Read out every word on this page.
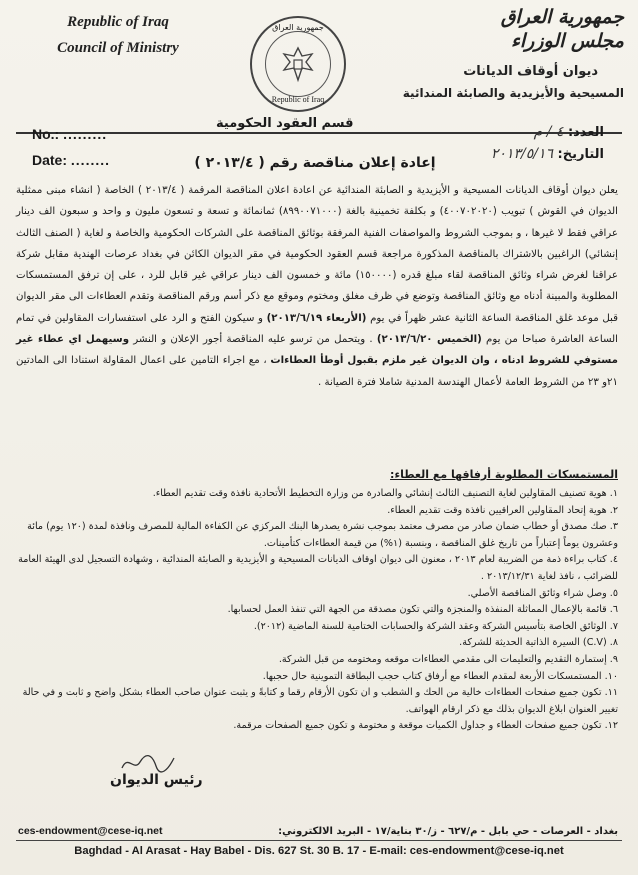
Republic of Iraq
Council of Ministry
جمهورية العراق
مجلس الوزراء
ديوان أوقاف الديانات
المسيحية والأيزيدية والصابئة المندائية
جمهورية العراق
Republic of Iraq
قسم العقود الحكومية
No.: .........
Date: ........
العدد: ٤ / م
التاريخ: ٢٠١٣/٥/١٦
إعادة إعلان مناقصة رقم ( ٢٠١٣/٤ )

يعلن ديوان أوقاف الديانات المسيحية و الأيزيدية و الصابئة المندائية عن اعادة اعلان المناقصة المرقمة ( ٢٠١٣/٤ ) الخاصة ( انشاء مبنى ممثلية الديوان في القوش ) تبويب (٤٠٠٧٠٢٠٢٠) و بكلفة تخمينية بالغة (٨٩٩٠٠٧١٠٠٠) ثمانمائة و تسعة و تسعون مليون و واحد و سبعون الف دينار عراقي فقط لا غيرها ، و بموجب الشروط والمواصفات الفنية المرفقة بوثائق المناقصة على الشركات الحكومية والخاصة و لغاية ( الصنف الثالث إنشائي) الراغبين بالاشتراك بالمناقصة المذكورة مراجعة قسم العقود الحكومية في مقر الديوان الكائن في بغداد عرصات الهندية مقابل شركة عراقنا لغرض شراء وثائق المناقصة لقاء مبلغ قدره (١٥٠٠٠٠) مائة و خمسون الف دينار عراقي غير قابل للرد ، على إن ترفق المستمسكات المطلوبة والمبينة أدناه مع وثائق المناقصة وتوضع في ظرف مغلق ومختوم وموقع مع ذكر أسم ورقم المناقصة وتقدم العطاءات الى مقر الديوان قبل موعد غلق المناقصة الساعة الثانية عشر ظهراً في يوم (الأربعاء ٢٠١٣/٦/١٩) و سيكون الفتح و الرد على استفسارات المقاولين في تمام الساعة العاشرة صباحا من يوم (الخميس ٢٠١٣/٦/٢٠) . ويتحمل من ترسو عليه المناقصة أجور الإعلان و النشر وسيهمل اي عطاء غير مستوفي للشروط ادناه ، وان الديوان غير ملزم بقبول أوطأ العطاءات ، مع اجراء التامين على اعمال المقاولة استنادا الى المادتين ٢١و ٢٣ من الشروط العامة لأعمال الهندسة المدنية شاملا فترة الصيانة .

المستمسكات المطلوبة أرفاقها مع العطاء:
١. هوية تصنيف المقاولين لغاية التصنيف الثالث إنشائي والصادرة من وزارة التخطيط الأتحادية نافذة وقت تقديم العطاء.
٢. هوية إتحاد المقاولين العراقيين نافذة وقت تقديم العطاء.
٣. صك مصدق أو خطاب ضمان صادر من مصرف معتمد بموجب نشرة يصدرها البنك المركزي عن الكفاءة المالية للمصرف ونافذة لمدة (١٢٠ يوم) مائة وعشرون يوماً إعتباراً من تاريخ غلق المناقصة ، وبنسبة (١%) من قيمة العطاءات كتأمينات.
٤. كتاب براءة ذمة من الضريبة لعام ٢٠١٣ ، معنون الى ديوان اوقاف الديانات المسيحية و الأيزيدية و الصابئة المندائية ، وشهادة التسجيل لدى الهيئة العامة للضرائب ، نافذ لغاية ٢٠١٣/١٢/٣١ .
٥. وصل شراء وثائق المناقصة الأصلي.
٦. قائمة بالإعمال المماثلة المنفذة والمنجزة والتي تكون مصدقة من الجهة التي تنفذ العمل لحسابها.
٧. الوثائق الخاصة بتأسيس الشركة وعقد الشركة والحسابات الختامية للسنة الماضية (٢٠١٢).
٨. (C.V) السيرة الذاتية الحديثة للشركة.
٩. إستمارة التقديم والتعليمات الى مقدمي العطاءات موقعه ومختومه من قبل الشركة.
١٠. المستمسكات الأربعة لمقدم العطاء مع أرفاق كتاب حجب البطاقة التموينية حال حجبها.
١١. تكون جميع صفحات العطاءات خالية من الحك و الشطب و ان تكون الأرقام رقما و كتابةً و يثبت عنوان صاحب العطاء بشكل واضح و ثابت و في حالة تغيير العنوان ابلاغ الديوان بذلك مع ذكر ارقام الهواتف.
١٢. تكون جميع صفحات العطاء و جداول الكميات موقعة و مختومة و تكون جميع الصفحات مرقمة.
رئيس الديوان
ces-endowment@cese-iq.net	بغداد - العرصات - حي بابل - م/٦٢٧ - ز/٣٠ بناية/١٧ - البريد الالكتروني:
Baghdad - Al Arasat - Hay Babel - Dis. 627 St. 30 B. 17 - E-mail: ces-endowment@cese-iq.net
